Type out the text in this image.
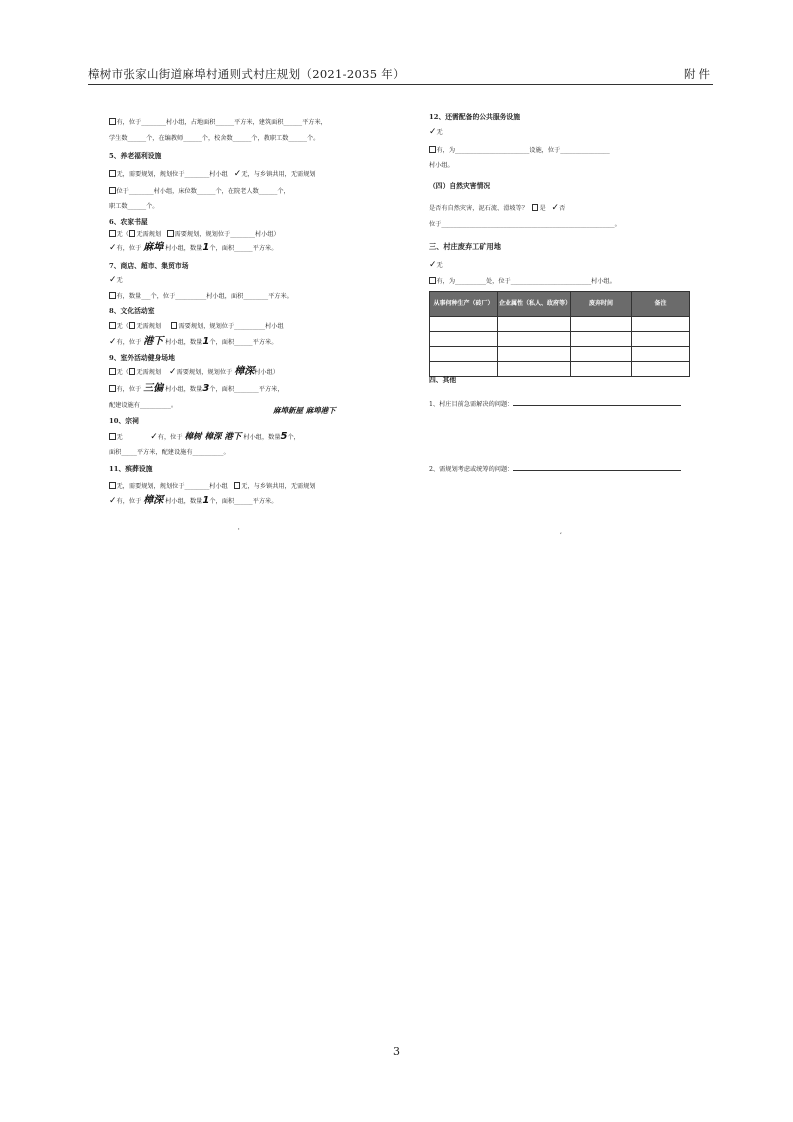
樟树市张家山街道麻埠村通则式村庄规划（2021-2035 年）	附件
有，位于________村小组，占地面积______平方米，建筑面积______平方米，
学生数______个，在编教师______个，校舍数______个，教职工数______个。
5、养老福利设施
无，需要规划，规划位于________村小组 ✓无，与乡镇共用，无需规划
位于________村小组，床位数______个，在院老人数______个，
职工数______个。
6、农家书屋
无（ 无需规划 需要规划，规划位于________村小组）
✓有，位于 麻埠 村小组，数量1个，面积______平方米。
7、商店、超市、集贸市场
✓无
有，数量___个，位于__________村小组，面积________平方米。
8、文化活动室
无（ 无需规划	需要规划，规划位于__________村小组
✓有，位于 港下 村小组，数量1个，面积______平方米。
9、室外活动健身场地
无（ 无需规划 ✓需要规划，规划位于 樟深村小组）
有，位于 三偏 村小组，数量3个，面积________平方米，
配建设施有__________。
麻埠新屋 麻埠港下
10、宗祠
无	✓有，位于 樟树 樟深 港下 村小组，数量5个，
面积_____平方米，配建设施有__________。
11、殡葬设施
无，需要规划，规划位于________村小组 无，与乡镇共用，无需规划
✓有，位于 樟深 村小组，数量1个，面积______平方米。
'
12、还需配备的公共服务设施
✓无
有，为________________________设施，位于________________
村小组。
（四）自然灾害情况
是否有自然灾害，泥石流、滑坡等？ 是 ✓否
位于________________________________________________________。
三、村庄废弃工矿用地
✓无
有，为__________处，位于__________________________村小组。
从事何种生产（砖厂）	企业属性（私人、政府等）	废弃时间	备注

四、其他
1、村庄目前急需解决的问题：
2、需规划考虑或统筹的问题：
,
3
